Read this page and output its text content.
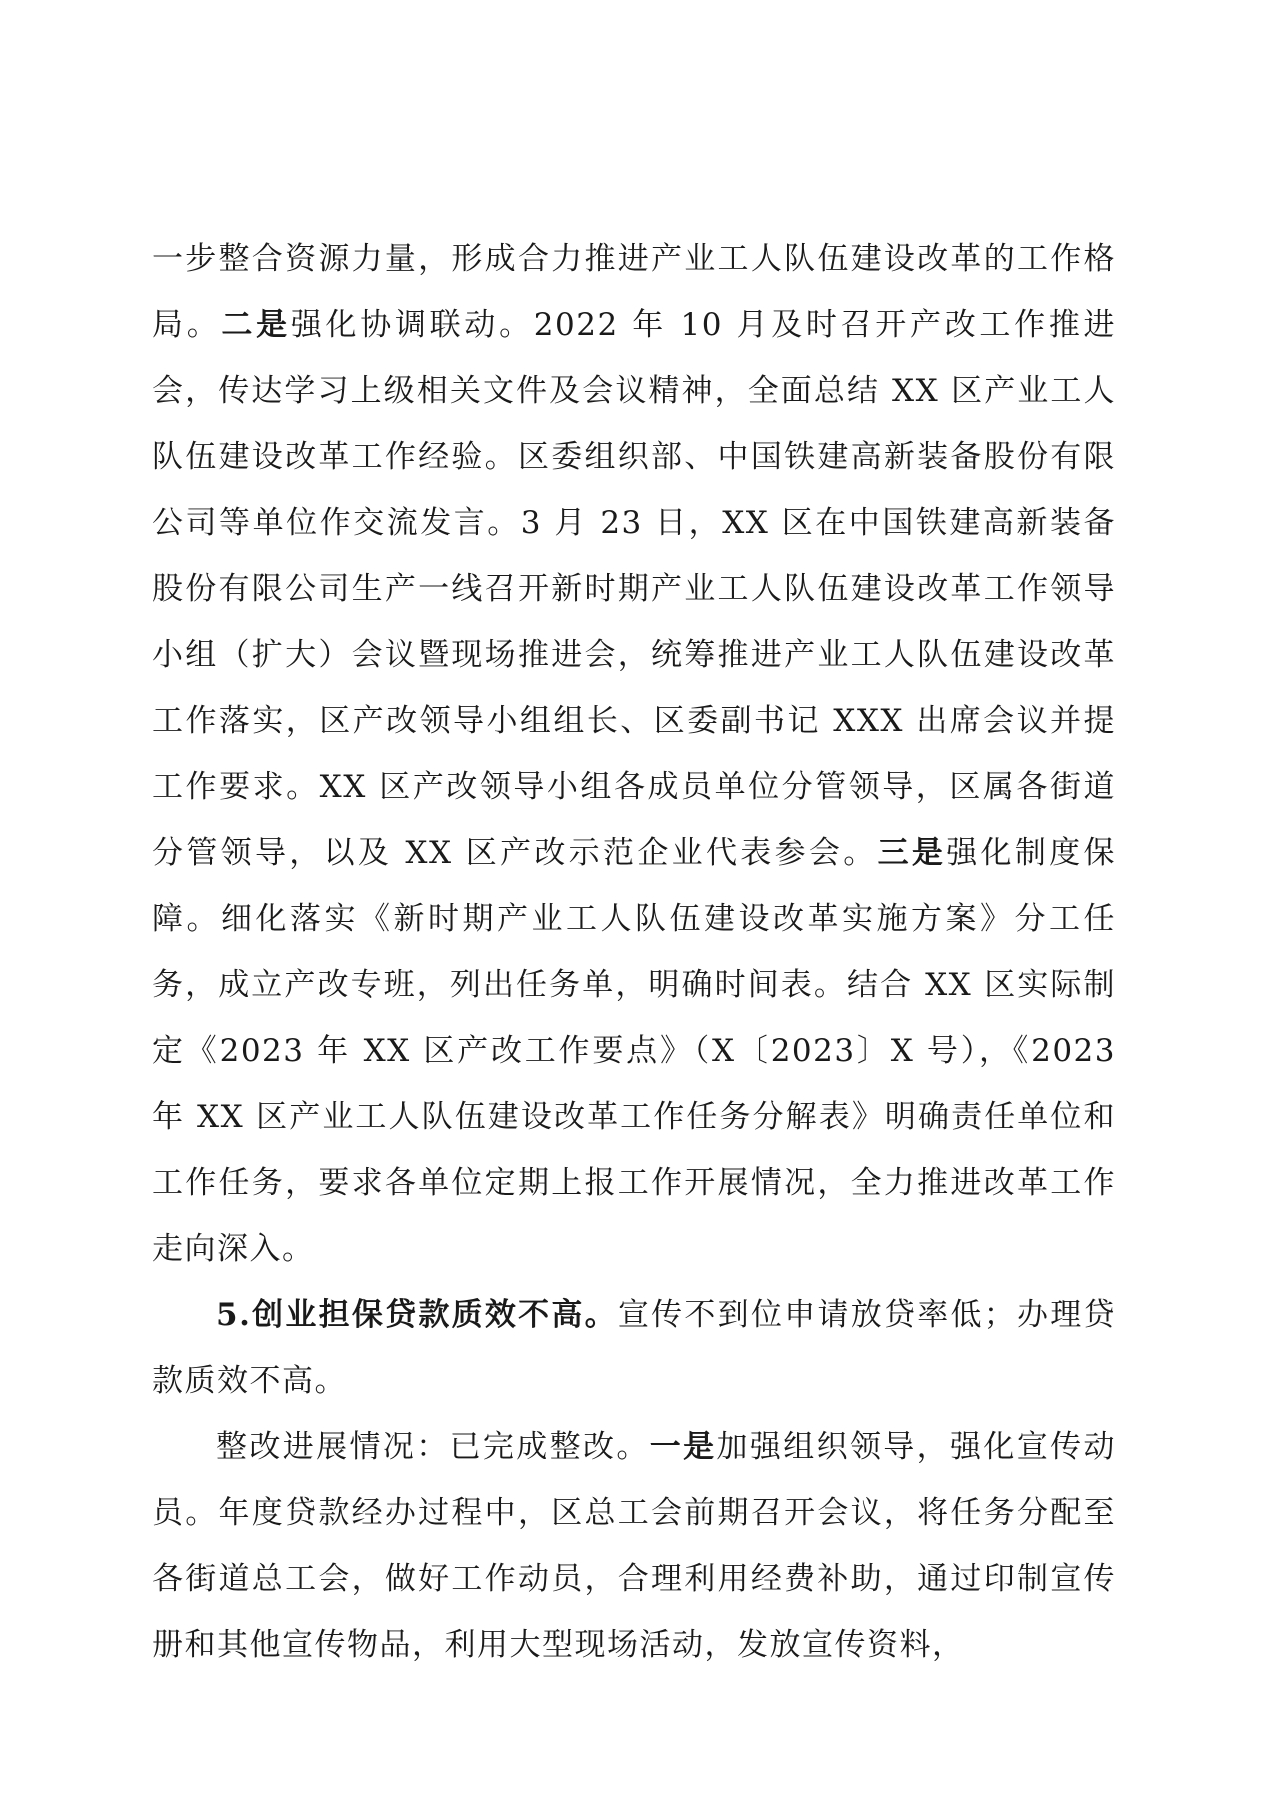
一步整合资源力量，形成合力推进产业工人队伍建设改革的工作格局。二是强化协调联动。2022 年 10 月及时召开产改工作推进会，传达学习上级相关文件及会议精神，全面总结 XX 区产业工人队伍建设改革工作经验。区委组织部、中国铁建高新装备股份有限公司等单位作交流发言。3 月 23 日，XX 区在中国铁建高新装备股份有限公司生产一线召开新时期产业工人队伍建设改革工作领导小组（扩大）会议暨现场推进会，统筹推进产业工人队伍建设改革工作落实，区产改领导小组组长、区委副书记 XXX 出席会议并提工作要求。XX 区产改领导小组各成员单位分管领导，区属各街道分管领导，以及 XX 区产改示范企业代表参会。三是强化制度保障。细化落实《新时期产业工人队伍建设改革实施方案》分工任务，成立产改专班，列出任务单，明确时间表。结合 XX 区实际制定《2023 年 XX 区产改工作要点》（X〔2023〕X 号），《2023 年 XX 区产业工人队伍建设改革工作任务分解表》明确责任单位和工作任务，要求各单位定期上报工作开展情况，全力推进改革工作走向深入。

5.创业担保贷款质效不高。宣传不到位申请放贷率低；办理贷款质效不高。

整改进展情况：已完成整改。一是加强组织领导，强化宣传动员。年度贷款经办过程中，区总工会前期召开会议，将任务分配至各街道总工会，做好工作动员，合理利用经费补助，通过印制宣传册和其他宣传物品，利用大型现场活动，发放宣传资料，
